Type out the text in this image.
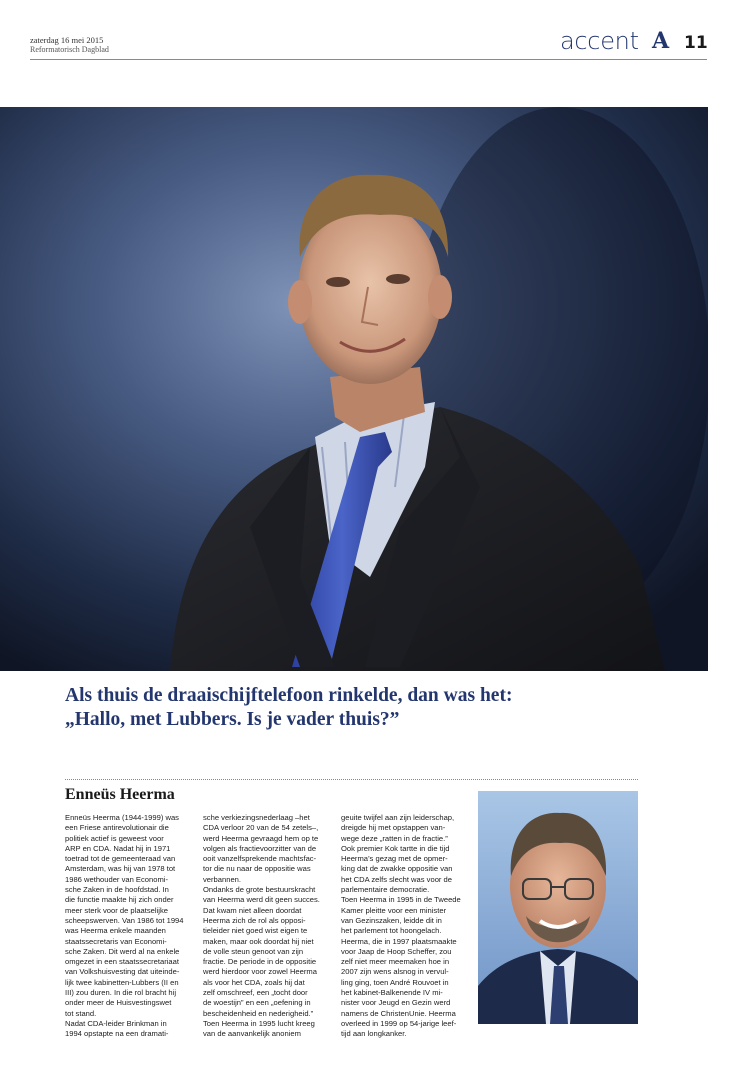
zaterdag 16 mei 2015
Reformatorisch Dagblad	accent A 11

Als thuis de draaischijftelefoon rinkelde, dan was het:
„Hallo, met Lubbers. Is je vader thuis?”

Enneüs Heerma

Enneüs Heerma (1944-1999) was

een Friese antirevolutionair die

politiek actief is geweest voor

ARP en CDA. Nadat hij in 1971

toetrad tot de gemeenteraad van

Amsterdam, was hij van 1978 tot

1986 wethouder van Economi-

sche Zaken in de hoofdstad. In

die functie maakte hij zich onder

meer sterk voor de plaatselijke

scheepswerven. Van 1986 tot 1994

was Heerma enkele maanden

staatssecretaris van Economi-

sche Zaken. Dit werd al na enkele

omgezet in een staatssecretariaat

van Volkshuisvesting dat uiteinde-

lijk twee kabinetten-Lubbers (II en

III) zou duren. In die rol bracht hij

onder meer de Huisvestingswet

tot stand.

Nadat CDA-leider Brinkman in

1994 opstapte na een dramati-

sche verkiezingsnederlaag –het

CDA verloor 20 van de 54 zetels–,

werd Heerma gevraagd hem op te

volgen als fractievoorzitter van de

ooit vanzelfsprekende machtsfac-

tor die nu naar de oppositie was

verbannen.

Ondanks de grote bestuurskracht

van Heerma werd dit geen succes.

Dat kwam niet alleen doordat

Heerma zich de rol als opposi-

tieleider niet goed wist eigen te

maken, maar ook doordat hij niet

de volle steun genoot van zijn

fractie. De periode in de oppositie

werd hierdoor voor zowel Heerma

als voor het CDA, zoals hij dat

zelf omschreef, een „tocht door

de woestijn” en een „oefening in

bescheidenheid en nederigheid.”

Toen Heerma in 1995 lucht kreeg

van de aanvankelijk anoniem

geuite twijfel aan zijn leiderschap,

dreigde hij met opstappen van-

wege deze „ratten in de fractie.”

Ook premier Kok tartte in die tijd

Heerma’s gezag met de opmer-

king dat de zwakke oppositie van

het CDA zelfs slecht was voor de

parlementaire democratie.

Toen Heerma in 1995 in de Tweede

Kamer pleitte voor een minister

van Gezinszaken, leidde dit in

het parlement tot hoongelach.

Heerma, die in 1997 plaatsmaakte

voor Jaap de Hoop Scheffer, zou

zelf niet meer meemaken hoe in

2007 zijn wens alsnog in vervul-

ling ging, toen André Rouvoet in

het kabinet-Balkenende IV mi-

nister voor Jeugd en Gezin werd

namens de ChristenUnie. Heerma

overleed in 1999 op 54-jarige leef-

tijd aan longkanker.
